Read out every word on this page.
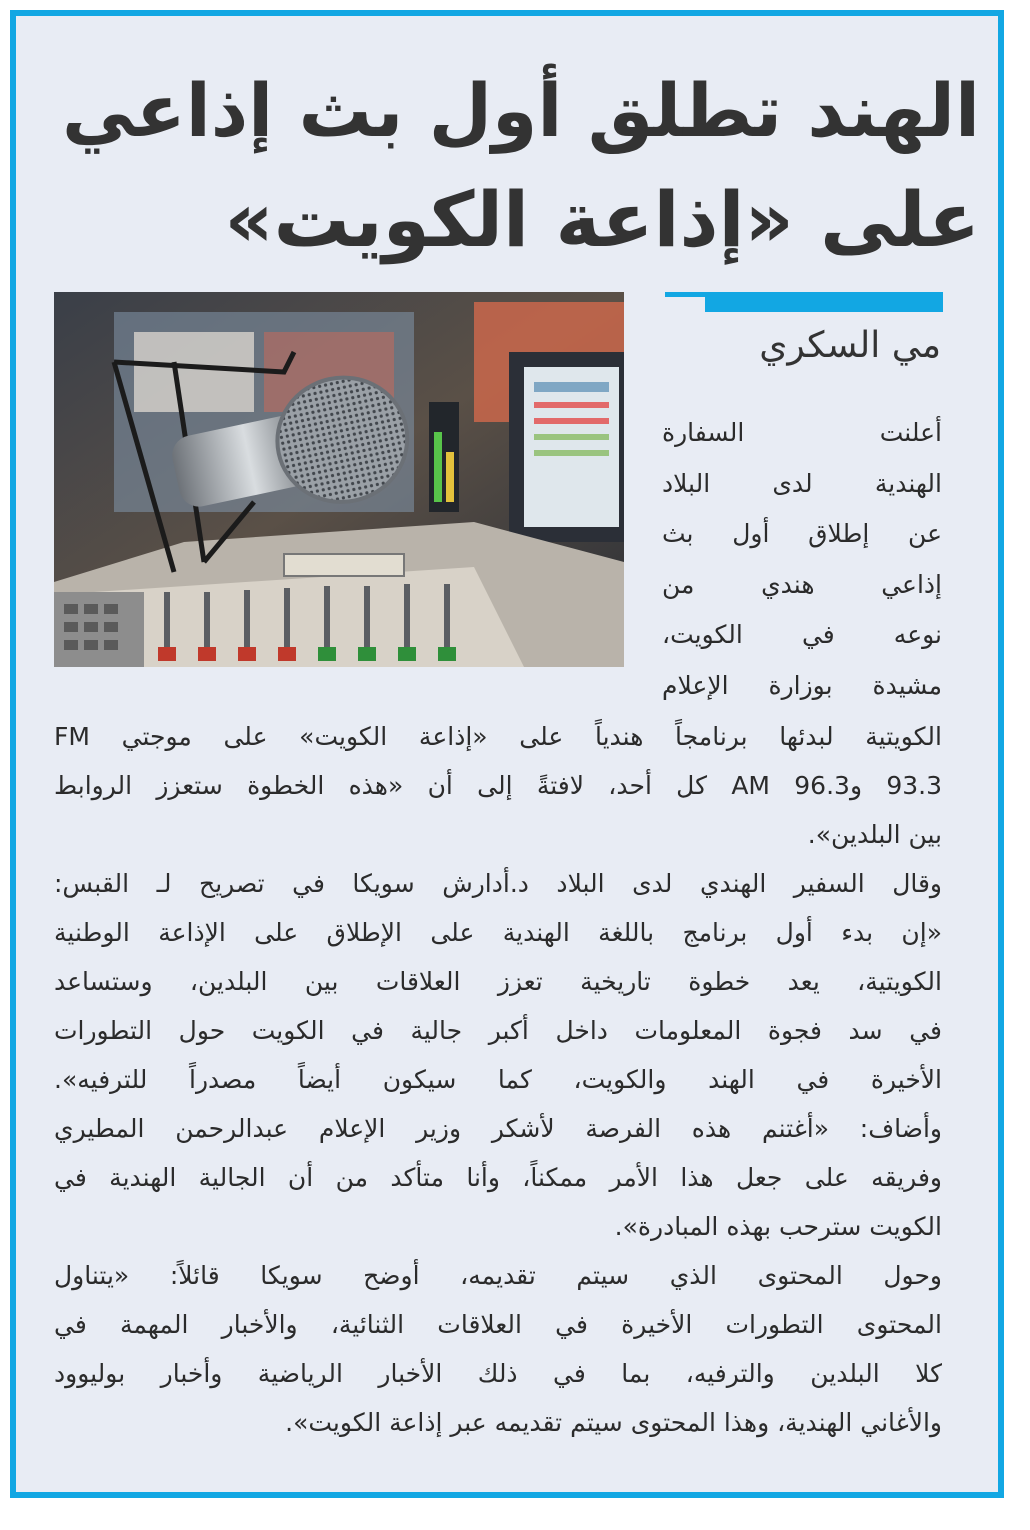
الهند تطلق أول بث إذاعي
على «إذاعة الكويت»
مي السكري
أعلنت السفارة
الهندية لدى البلاد
عن إطلاق أول بث
إذاعي هندي من
نوعه في الكويت،
مشيدة بوزارة الإعلام
الكويتية لبدئها برنامجاً هندياً على «إذاعة الكويت» على موجتي FM
93.3 و96.3 AM كل أحد، لافتةً إلى أن «هذه الخطوة ستعزز الروابط
بين البلدين».
وقال السفير الهندي لدى البلاد د.أدارش سويكا في تصريح لـ القبس:
«إن بدء أول برنامج باللغة الهندية على الإطلاق على الإذاعة الوطنية
الكويتية، يعد خطوة تاريخية تعزز العلاقات بين البلدين، وستساعد
في سد فجوة المعلومات داخل أكبر جالية في الكويت حول التطورات
الأخيرة في الهند والكويت، كما سيكون أيضاً مصدراً للترفيه».
وأضاف: «أغتنم هذه الفرصة لأشكر وزير الإعلام عبدالرحمن المطيري
وفريقه على جعل هذا الأمر ممكناً، وأنا متأكد من أن الجالية الهندية في
الكويت سترحب بهذه المبادرة».
وحول المحتوى الذي سيتم تقديمه، أوضح سويكا قائلاً: «يتناول
المحتوى التطورات الأخيرة في العلاقات الثنائية، والأخبار المهمة في
كلا البلدين والترفيه، بما في ذلك الأخبار الرياضية وأخبار بوليوود
والأغاني الهندية، وهذا المحتوى سيتم تقديمه عبر إذاعة الكويت».
